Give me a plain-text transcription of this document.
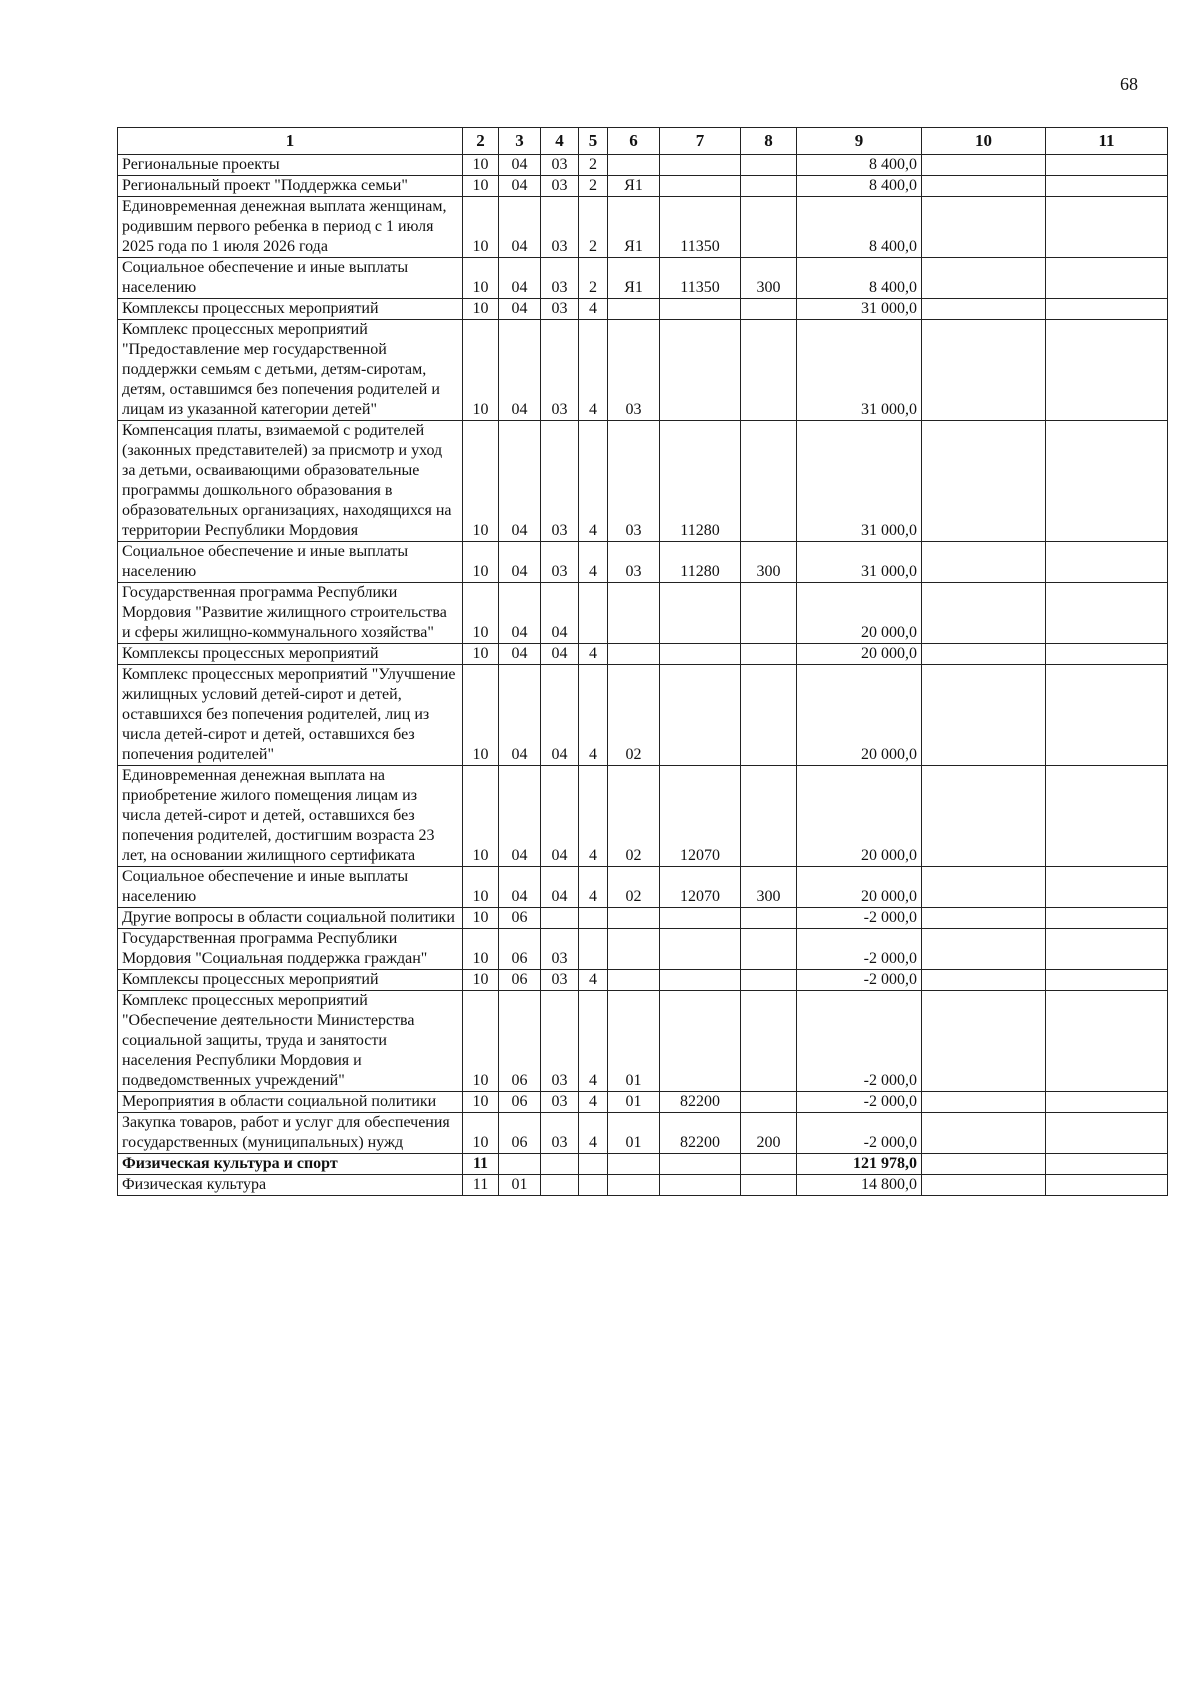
68
1	2	3	4	5	6	7	8	9	10	11
Региональные проекты	10	04	03	2				8 400,0		
Региональный проект "Поддержка семьи"	10	04	03	2	Я1			8 400,0		
Единовременная денежная выплата женщинам, родившим первого ребенка в период с 1 июля 2025 года по 1 июля 2026 года	10	04	03	2	Я1	11350		8 400,0		
Социальное обеспечение и иные выплаты населению	10	04	03	2	Я1	11350	300	8 400,0		
Комплексы процессных мероприятий	10	04	03	4				31 000,0		
Комплекс процессных мероприятий "Предоставление мер государственной поддержки семьям с детьми, детям-сиротам, детям, оставшимся без попечения родителей и лицам из указанной категории детей"	10	04	03	4	03			31 000,0		
Компенсация платы, взимаемой с родителей (законных представителей) за присмотр и уход за детьми, осваивающими образовательные программы дошкольного образования в образовательных организациях, находящихся на территории Республики Мордовия	10	04	03	4	03	11280		31 000,0		
Социальное обеспечение и иные выплаты населению	10	04	03	4	03	11280	300	31 000,0		
Государственная программа Республики Мордовия "Развитие жилищного строительства и сферы жилищно-коммунального хозяйства"	10	04	04					20 000,0		
Комплексы процессных мероприятий	10	04	04	4				20 000,0		
Комплекс процессных мероприятий "Улучшение жилищных условий детей-сирот и детей, оставшихся без попечения родителей, лиц из числа детей-сирот и детей, оставшихся без попечения родителей"	10	04	04	4	02			20 000,0		
Единовременная денежная выплата на приобретение жилого помещения лицам из числа детей-сирот и детей, оставшихся без попечения родителей, достигшим возраста 23 лет, на основании жилищного сертификата	10	04	04	4	02	12070		20 000,0		
Социальное обеспечение и иные выплаты населению	10	04	04	4	02	12070	300	20 000,0		
Другие вопросы в области социальной политики	10	06						-2 000,0		
Государственная программа Республики Мордовия "Социальная поддержка граждан"	10	06	03					-2 000,0		
Комплексы процессных мероприятий	10	06	03	4				-2 000,0		
Комплекс процессных мероприятий "Обеспечение деятельности Министерства социальной защиты, труда и занятости населения Республики Мордовия и подведомственных учреждений"	10	06	03	4	01			-2 000,0		
Мероприятия в области социальной политики	10	06	03	4	01	82200		-2 000,0		
Закупка товаров, работ и услуг для обеспечения государственных (муниципальных) нужд	10	06	03	4	01	82200	200	-2 000,0		
Физическая культура и спорт	11							121 978,0		
Физическая культура	11	01						14 800,0		
